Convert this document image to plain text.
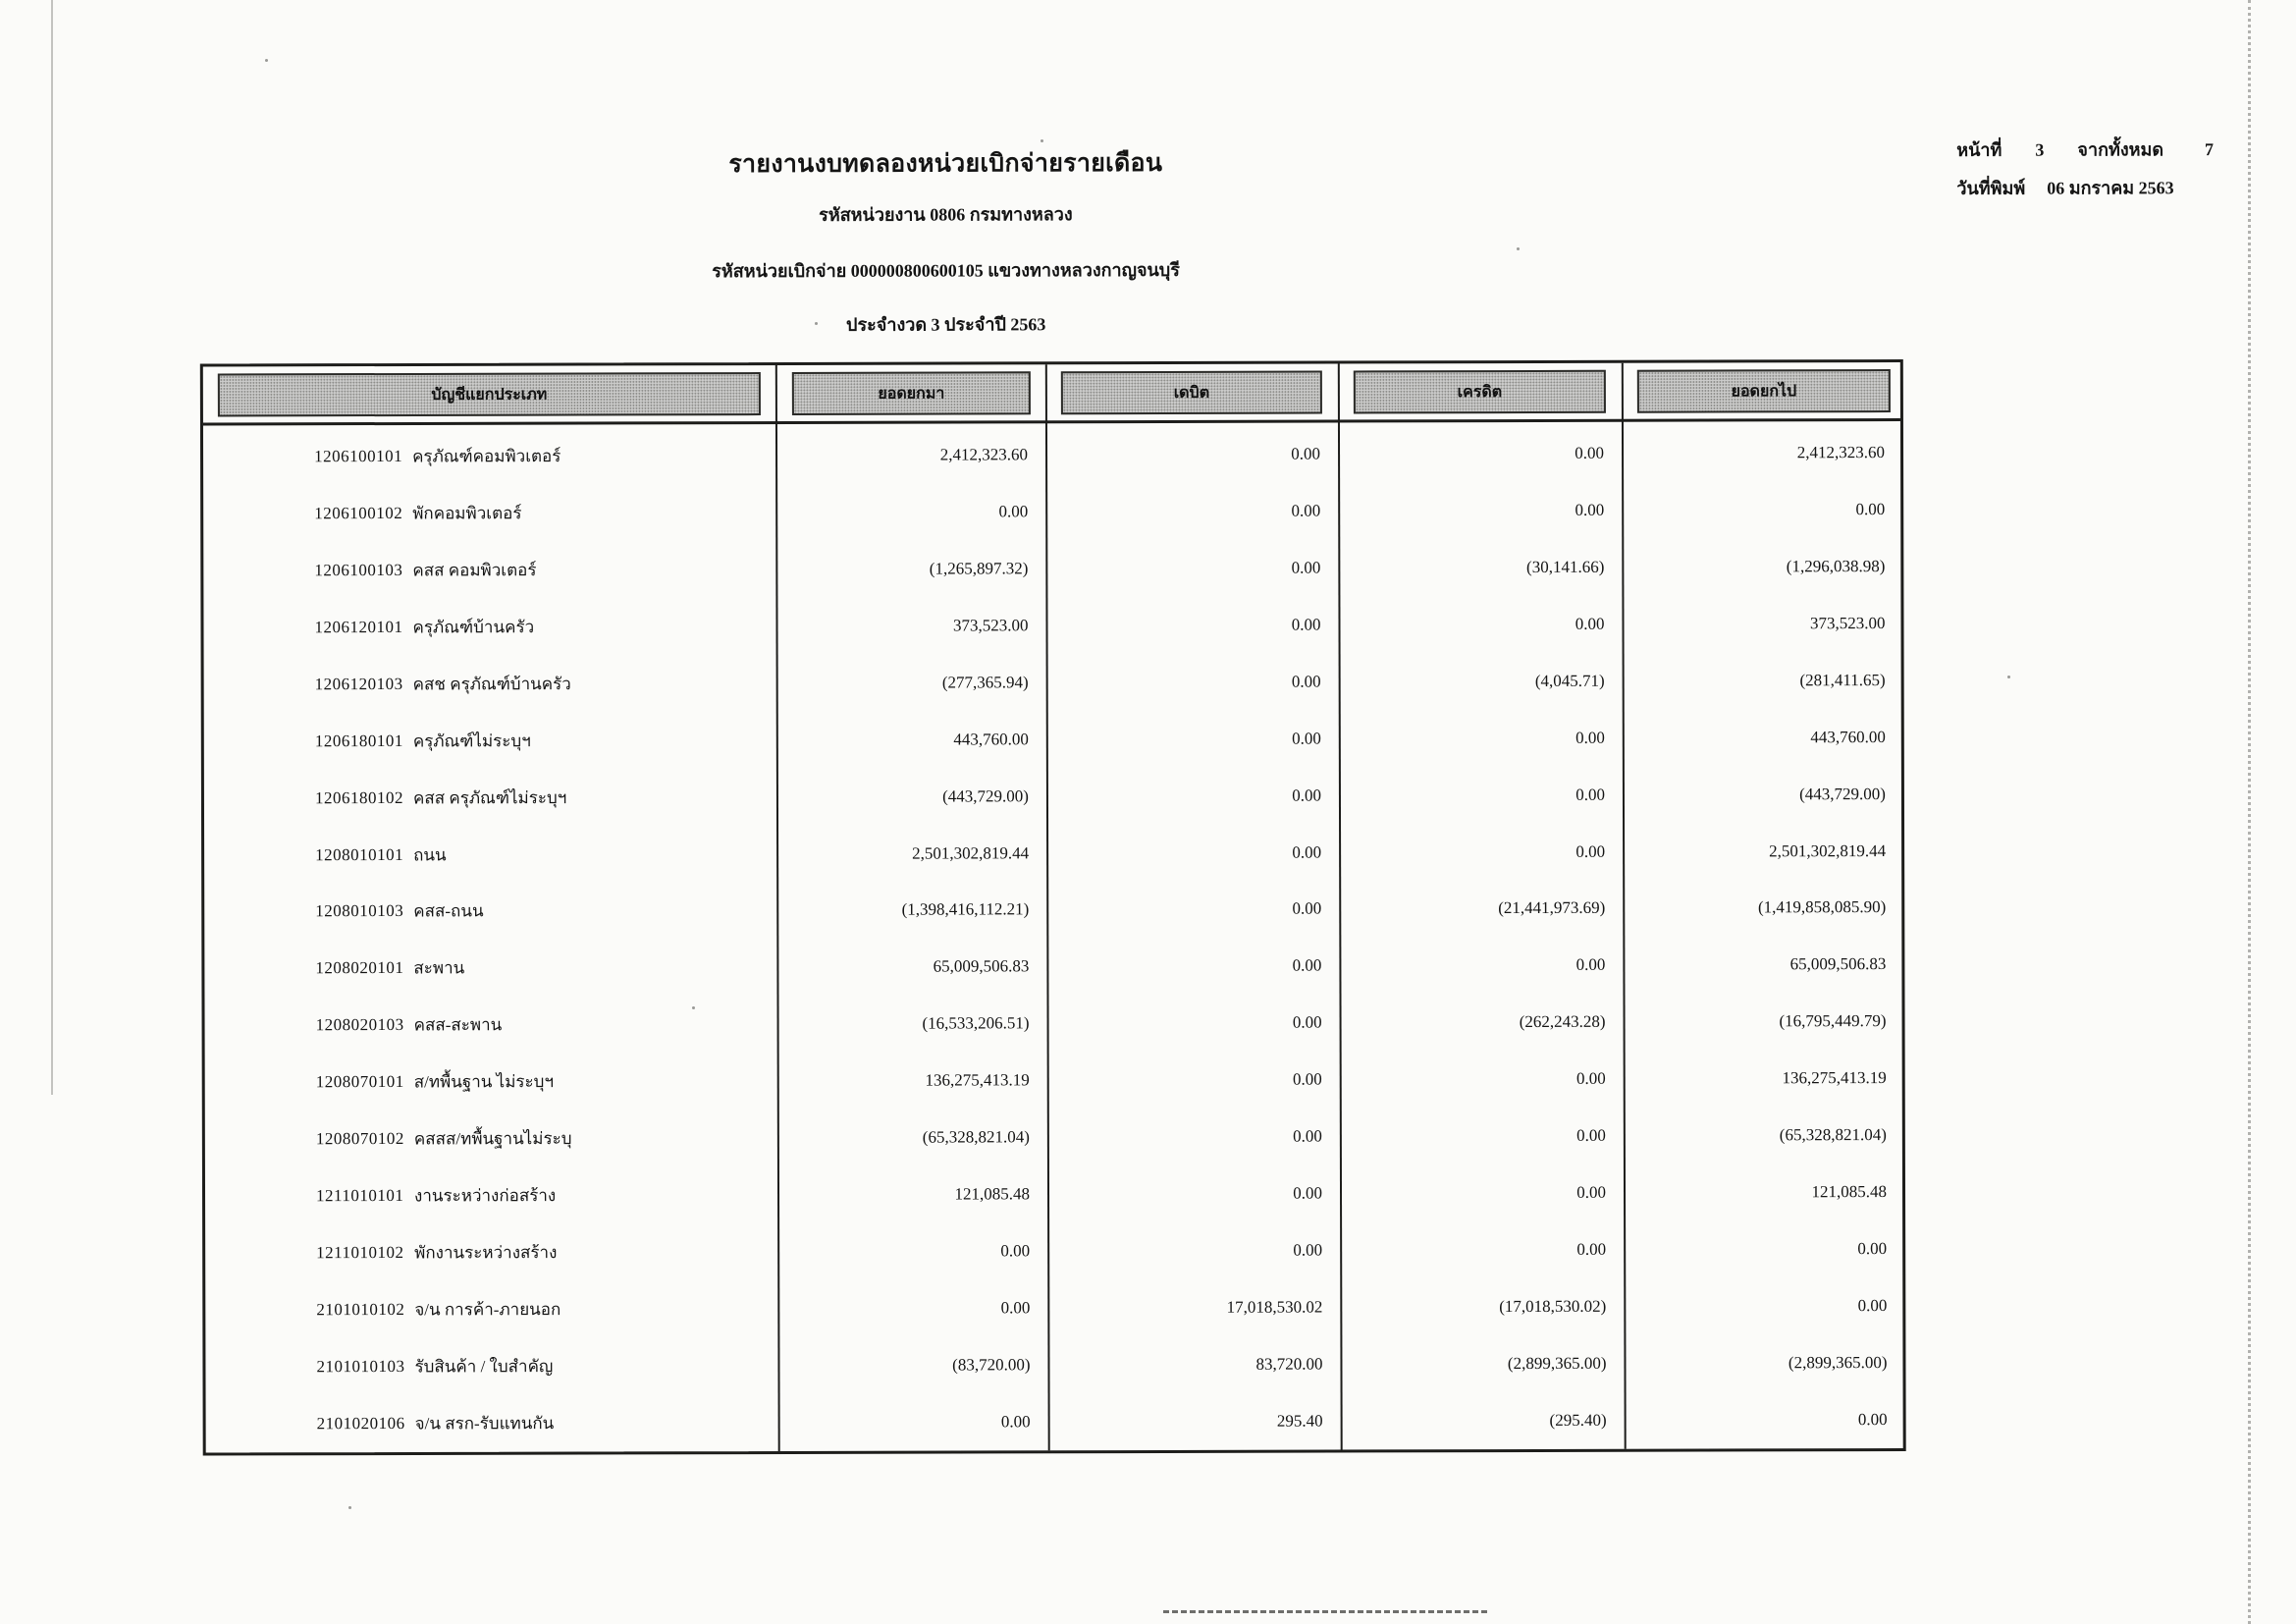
รายงานงบทดลองหน่วยเบิกจ่ายรายเดือน
รหัสหน่วยงาน 0806 กรมทางหลวง
รหัสหน่วยเบิกจ่าย 000000800600105 แขวงทางหลวงกาญจนบุรี
ประจำงวด 3 ประจำปี 2563
หน้าที่ 3 จากทั้งหมด 7
วันที่พิมพ์ 06 มกราคม 2563
บัญชีแยกประเภท	ยอดยกมา	เดบิต	เครดิต	ยอดยกไป
1206100101 ครุภัณฑ์คอมพิวเตอร์	2,412,323.60	0.00	0.00	2,412,323.60
1206100102 พักคอมพิวเตอร์	0.00	0.00	0.00	0.00
1206100103 คสส คอมพิวเตอร์	(1,265,897.32)	0.00	(30,141.66)	(1,296,038.98)
1206120101 ครุภัณฑ์บ้านครัว	373,523.00	0.00	0.00	373,523.00
1206120103 คสช ครุภัณฑ์บ้านครัว	(277,365.94)	0.00	(4,045.71)	(281,411.65)
1206180101 ครุภัณฑ์ไม่ระบุฯ	443,760.00	0.00	0.00	443,760.00
1206180102 คสส ครุภัณฑ์ไม่ระบุฯ	(443,729.00)	0.00	0.00	(443,729.00)
1208010101 ถนน	2,501,302,819.44	0.00	0.00	2,501,302,819.44
1208010103 คสส-ถนน	(1,398,416,112.21)	0.00	(21,441,973.69)	(1,419,858,085.90)
1208020101 สะพาน	65,009,506.83	0.00	0.00	65,009,506.83
1208020103 คสส-สะพาน	(16,533,206.51)	0.00	(262,243.28)	(16,795,449.79)
1208070101 ส/ทพื้นฐาน ไม่ระบุฯ	136,275,413.19	0.00	0.00	136,275,413.19
1208070102 คสสส/ทพื้นฐานไม่ระบุ	(65,328,821.04)	0.00	0.00	(65,328,821.04)
1211010101 งานระหว่างก่อสร้าง	121,085.48	0.00	0.00	121,085.48
1211010102 พักงานระหว่างสร้าง	0.00	0.00	0.00	0.00
2101010102 จ/น การค้า-ภายนอก	0.00	17,018,530.02	(17,018,530.02)	0.00
2101010103 รับสินค้า / ใบสำคัญ	(83,720.00)	83,720.00	(2,899,365.00)	(2,899,365.00)
2101020106 จ/น สรก-รับแทนกัน	0.00	295.40	(295.40)	0.00
